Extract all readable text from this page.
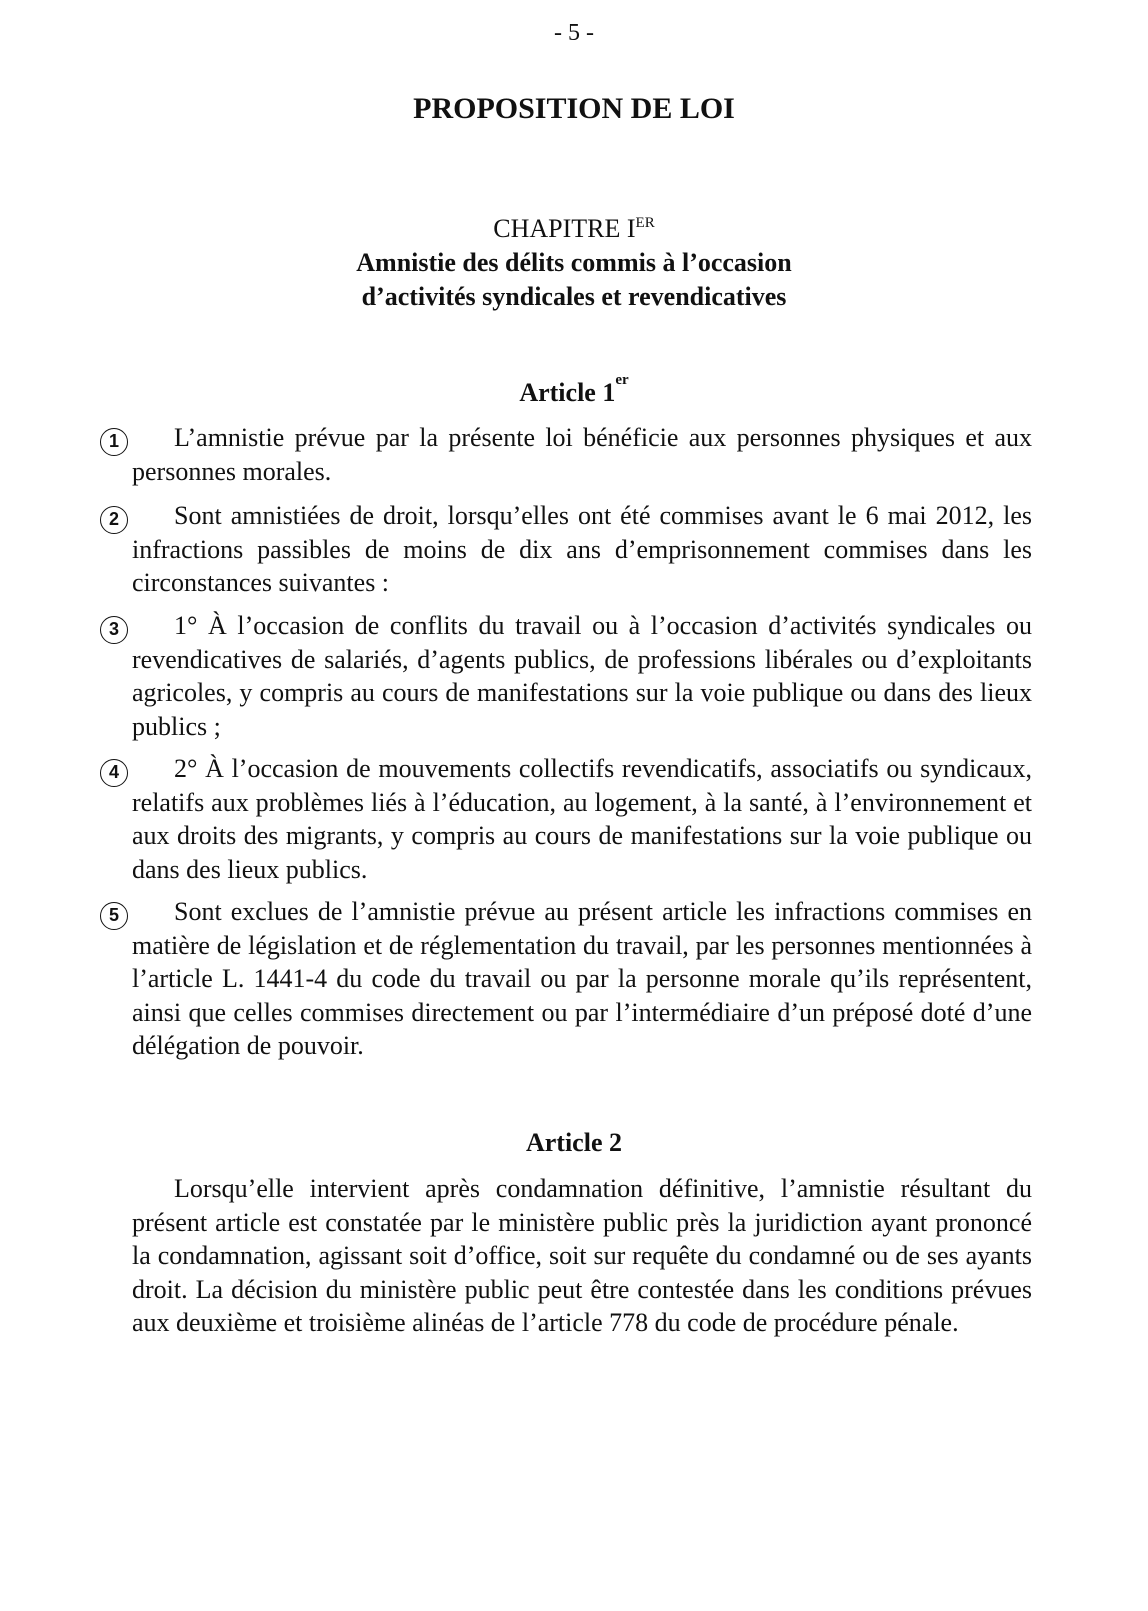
- 5 -
PROPOSITION DE LOI
CHAPITRE IER
Amnistie des délits commis à l’occasion
d’activités syndicales et revendicatives
Article 1er
1	L’amnistie prévue par la présente loi bénéficie aux personnes physiques et aux personnes morales.

2	Sont amnistiées de droit, lorsqu’elles ont été commises avant le 6 mai 2012, les infractions passibles de moins de dix ans d’emprisonnement commises dans les circonstances suivantes :

3	1° À l’occasion de conflits du travail ou à l’occasion d’activités syndicales ou revendicatives de salariés, d’agents publics, de professions libérales ou d’exploitants agricoles, y compris au cours de manifestations sur la voie publique ou dans des lieux publics ;

4	2° À l’occasion de mouvements collectifs revendicatifs, associatifs ou syndicaux, relatifs aux problèmes liés à l’éducation, au logement, à la santé, à l’environnement et aux droits des migrants, y compris au cours de manifestations sur la voie publique ou dans des lieux publics.

5	Sont exclues de l’amnistie prévue au présent article les infractions commises en matière de législation et de réglementation du travail, par les personnes mentionnées à l’article L. 1441-4 du code du travail ou par la personne morale qu’ils représentent, ainsi que celles commises directement ou par l’intermédiaire d’un préposé doté d’une délégation de pouvoir.

Article 2

Lorsqu’elle intervient après condamnation définitive, l’amnistie résultant du présent article est constatée par le ministère public près la juridiction ayant prononcé la condamnation, agissant soit d’office, soit sur requête du condamné ou de ses ayants droit. La décision du ministère public peut être contestée dans les conditions prévues aux deuxième et troisième alinéas de l’article 778 du code de procédure pénale.
